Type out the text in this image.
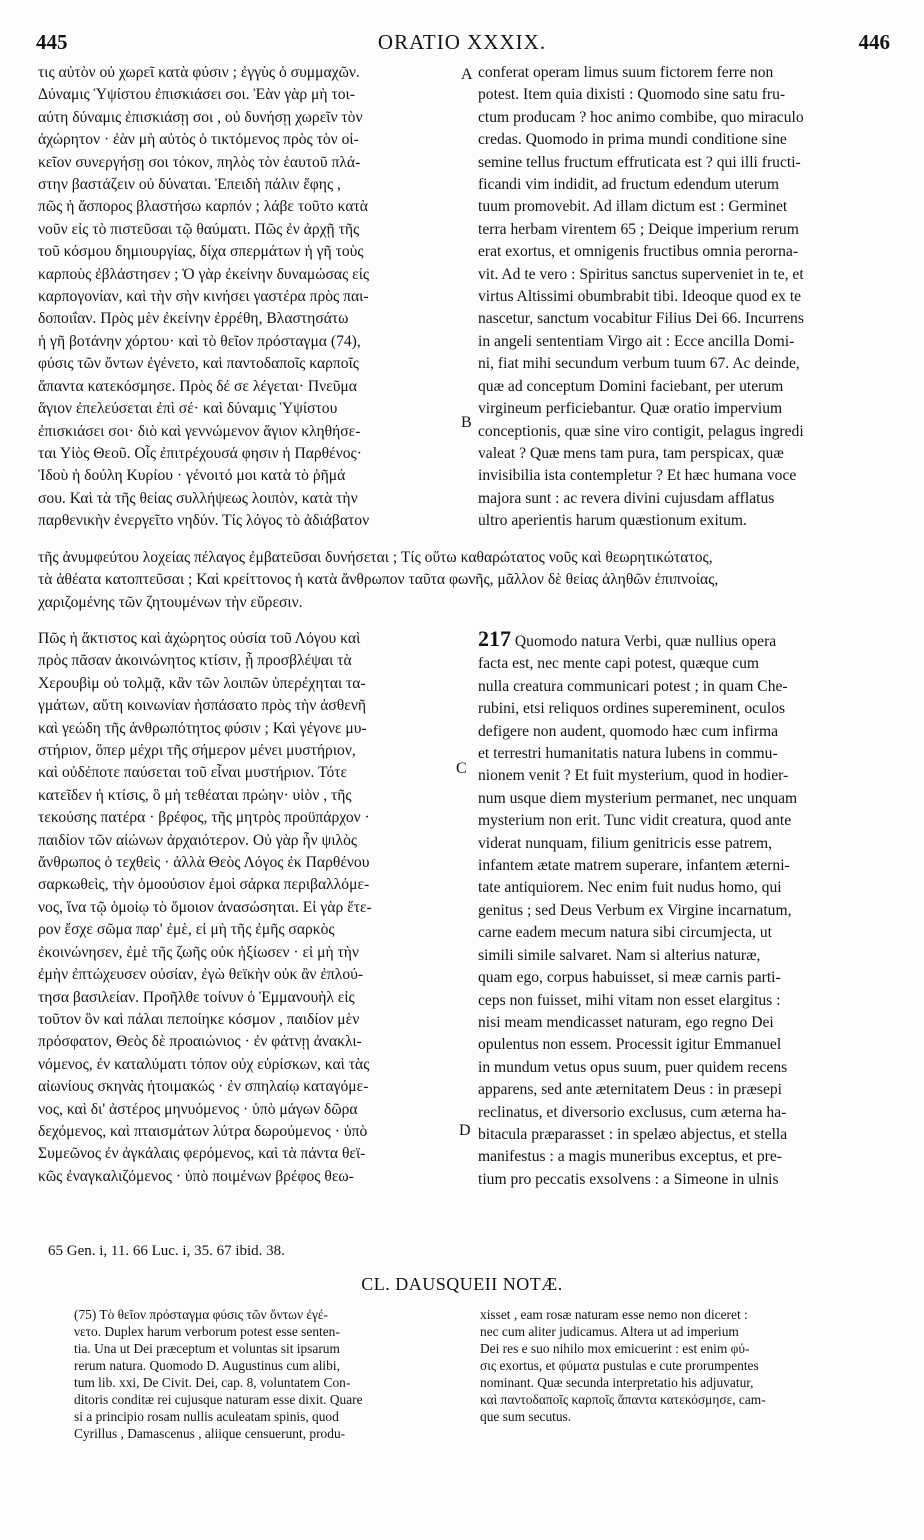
445	ORATIO XXXIX.	446
τις αὐτὸν οὐ χωρεῖ κατὰ φύσιν ; ἐγγὺς ὁ συμμαχῶν.
Δύναμις Ὑψίστου ἐπισκιάσει σοι. Ἐὰν γὰρ μὴ τοι-
αύτη δύναμις ἐπισκιάσῃ σοι , οὐ δυνήσῃ χωρεῖν τὸν
ἀχώρητον · ἐὰν μὴ αὐτὸς ὁ τικτόμενος πρὸς τὸν οἰ-
κεῖον συνεργήσῃ σοι τόκον, πηλὸς τὸν ἑαυτοῦ πλά-
στην βαστάζειν οὐ δύναται. Ἐπειδὴ πάλιν ἔφης ,
πῶς ἡ ἄσπορος βλαστήσω καρπόν ; λάβε τοῦτο κατὰ
νοῦν εἰς τὸ πιστεῦσαι τῷ θαύματι. Πῶς ἐν ἀρχῇ τῆς
τοῦ κόσμου δημιουργίας, δίχα σπερμάτων ἡ γῆ τοὺς
καρποὺς ἐβλάστησεν ; Ὁ γὰρ ἐκείνην δυναμώσας εἰς
καρπογονίαν, καὶ τὴν σὴν κινήσει γαστέρα πρὸς παι-
δοποιΐαν. Πρὸς μὲν ἐκείνην ἐρρέθη, Βλαστησάτω
ἡ γῆ βοτάνην χόρτου· καὶ τὸ θεῖον πρόσταγμα (74),
φύσις τῶν ὄντων ἐγένετο, καὶ παντοδαποῖς καρποῖς
ἅπαντα κατεκόσμησε. Πρὸς δέ σε λέγεται· Πνεῦμα
ἅγιον ἐπελεύσεται ἐπὶ σέ· καὶ δύναμις Ὑψίστου
ἐπισκιάσει σοι· διὸ καὶ γεννώμενον ἅγιον κληθήσε-
ται Υἱὸς Θεοῦ. Οἷς ἐπιτρέχουσά φησιν ἡ Παρθένος·
Ἰδοὺ ἡ δούλη Κυρίου · γένοιτό μοι κατὰ τὸ ῥῆμά
σου. Καὶ τὰ τῆς θείας συλλήψεως λοιπὸν, κατὰ τὴν
παρθενικὴν ἐνεργεῖτο νηδύν. Τίς λόγος τὸ ἀδιάβατον
conferat operam limus suum fictorem ferre non
potest. Item quia dixisti : Quomodo sine satu fru-
ctum producam ? hoc animo combibe, quo miraculo
credas. Quomodo in prima mundi conditione sine
semine tellus fructum effruticata est ? qui illi fructi-
ficandi vim indidit, ad fructum edendum uterum
tuum promovebit. Ad illam dictum est : Germinet
terra herbam virentem 65 ; Deique imperium rerum
erat exortus, et omnigenis fructibus omnia perorna-
vit. Ad te vero : Spiritus sanctus superveniet in te, et
virtus Altissimi obumbrabit tibi. Ideoque quod ex te
nascetur, sanctum vocabitur Filius Dei 66. Incurrens
in angeli sententiam Virgo ait : Ecce ancilla Domi-
ni, fiat mihi secundum verbum tuum 67. Ac deinde,
quæ ad conceptum Domini faciebant, per uterum
virgineum perficiebantur. Quæ oratio impervium
conceptionis, quæ sine viro contigit, pelagus ingredi
valeat ? Quæ mens tam pura, tam perspicax, quæ
invisibilia ista contempletur ? Et hæc humana voce
majora sunt : ac revera divini cujusdam afflatus
ultro aperientis harum quæstionum exitum.
A
B
C
D
τῆς ἀνυμφεύτου λοχείας πέλαγος ἐμβατεῦσαι δυνήσεται ; Τίς οὕτω καθαρώτατος νοῦς καὶ θεωρητικώτατος,
τὰ ἀθέατα κατοπτεῦσαι ; Καὶ κρείττονος ἡ κατὰ ἄνθρωπον ταῦτα φωνῆς, μᾶλλον δὲ θείας ἀληθῶν ἐπιπνοίας,
χαριζομένης τῶν ζητουμένων τὴν εὕρεσιν.
Πῶς ἡ ἄκτιστος καὶ ἀχώρητος οὐσία τοῦ Λόγου καὶ
πρὸς πᾶσαν ἀκοινώνητος κτίσιν, ᾗ προσβλέψαι τὰ
Χερουβὶμ οὐ τολμᾷ, κἂν τῶν λοιπῶν ὑπερέχηται τα-
γμάτων, αὕτη κοινωνίαν ἠσπάσατο πρὸς τὴν ἀσθενῆ
καὶ γεώδη τῆς ἀνθρωπότητος φύσιν ; Καὶ γέγονε μυ-
στήριον, ὅπερ μέχρι τῆς σήμερον μένει μυστήριον,
καὶ οὐδέποτε παύσεται τοῦ εἶναι μυστήριον. Τότε
κατεῖδεν ἡ κτίσις, ὃ μὴ τεθέαται πρώην· υἱὸν , τῆς
τεκούσης πατέρα · βρέφος, τῆς μητρὸς προϋπάρχον ·
παιδίον τῶν αἰώνων ἀρχαιότερον. Οὐ γὰρ ἦν ψιλὸς
ἄνθρωπος ὁ τεχθεὶς · ἀλλὰ Θεὸς Λόγος ἐκ Παρθένου
σαρκωθεὶς, τὴν ὁμοούσιον ἐμοὶ σάρκα περιβαλλόμε-
νος, ἵνα τῷ ὁμοίῳ τὸ ὅμοιον ἀνασώσηται. Εἰ γὰρ ἕτε-
ρον ἔσχε σῶμα παρ' ἐμὲ, εἰ μὴ τῆς ἐμῆς σαρκὸς
ἐκοινώνησεν, ἐμὲ τῆς ζωῆς οὐκ ἠξίωσεν · εἰ μὴ τὴν
ἐμὴν ἐπτώχευσεν οὐσίαν, ἐγὼ θεϊκὴν οὐκ ἂν ἐπλού-
τησα βασιλείαν. Προῆλθε τοίνυν ὁ Ἐμμανουὴλ εἰς
τοῦτον ὃν καὶ πάλαι πεποίηκε κόσμον , παιδίον μὲν
πρόσφατον, Θεὸς δὲ προαιώνιος · ἐν φάτνῃ ἀνακλι-
νόμενος, ἐν καταλύματι τόπον οὐχ εὑρίσκων, καὶ τὰς
αἰωνίους σκηνὰς ἡτοιμακώς · ἐν σπηλαίῳ καταγόμε-
νος, καὶ δι' ἀστέρος μηνυόμενος · ὑπὸ μάγων δῶρα
δεχόμενος, καὶ πταισμάτων λύτρα δωρούμενος · ὑπὸ
Συμεῶνος ἐν ἀγκάλαις φερόμενος, καὶ τὰ πάντα θεϊ-
κῶς ἐναγκαλιζόμενος · ὑπὸ ποιμένων βρέφος θεω-
217 Quomodo natura Verbi, quæ nullius opera
facta est, nec mente capi potest, quæque cum
nulla creatura communicari potest ; in quam Che-
rubini, etsi reliquos ordines supereminent, oculos
defigere non audent, quomodo hæc cum infirma
et terrestri humanitatis natura lubens in commu-
nionem venit ? Et fuit mysterium, quod in hodier-
num usque diem mysterium permanet, nec unquam
mysterium non erit. Tunc vidit creatura, quod ante
viderat nunquam, filium genitricis esse patrem,
infantem ætate matrem superare, infantem æterni-
tate antiquiorem. Nec enim fuit nudus homo, qui
genitus ; sed Deus Verbum ex Virgine incarnatum,
carne eadem mecum natura sibi circumjecta, ut
simili simile salvaret. Nam si alterius naturæ,
quam ego, corpus habuisset, si meæ carnis parti-
ceps non fuisset, mihi vitam non esset elargitus :
nisi meam mendicasset naturam, ego regno Dei
opulentus non essem. Processit igitur Emmanuel
in mundum vetus opus suum, puer quidem recens
apparens, sed ante æternitatem Deus : in præsepi
reclinatus, et diversorio exclusus, cum æterna ha-
bitacula præparasset : in spelæo abjectus, et stella
manifestus : a magis muneribus exceptus, et pre-
tium pro peccatis exsolvens : a Simeone in ulnis
65 Gen. i, 11. 66 Luc. i, 35. 67 ibid. 38.
CL. DAUSQUEII NOTÆ.
(75) Τὸ θεῖον πρόσταγμα φύσις τῶν ὄντων ἐγέ-
νετο. Duplex harum verborum potest esse senten-
tia. Una ut Dei præceptum et voluntas sit ipsarum
rerum natura. Quomodo D. Augustinus cum alibi,
tum lib. xxi, De Civit. Dei, cap. 8, voluntatem Con-
ditoris conditæ rei cujusque naturam esse dixit. Quare
si a principio rosam nullis aculeatam spinis, quod
Cyrillus , Damascenus , aliique censuerunt, produ-
xisset , eam rosæ naturam esse nemo non diceret :
nec cum aliter judicamus. Altera ut ad imperium
Dei res e suo nihilo mox emicuerint : est enim φύ-
σις exortus, et φύματα pustulas e cute prorumpentes
nominant. Quæ secunda interpretatio his adjuvatur,
καὶ παντοδαποῖς καρποῖς ἅπαντα κατεκόσμησε, cam-
que sum secutus.
